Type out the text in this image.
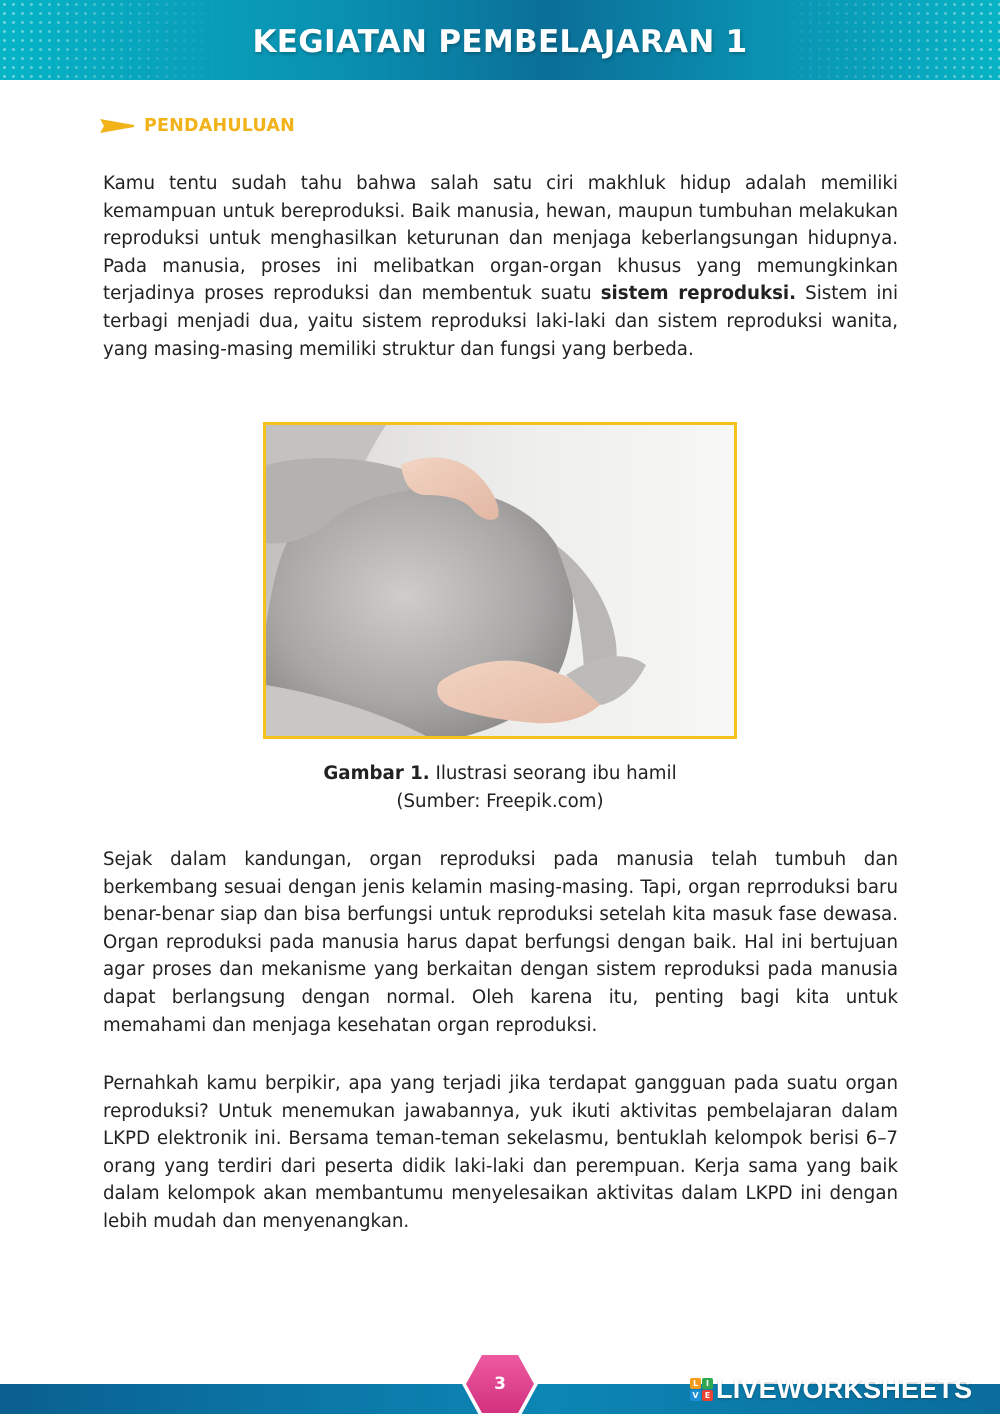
KEGIATAN PEMBELAJARAN 1
PENDAHULUAN

Kamu tentu sudah tahu bahwa salah satu ciri makhluk hidup adalah memiliki kemampuan untuk bereproduksi. Baik manusia, hewan, maupun tumbuhan melakukan reproduksi untuk menghasilkan keturunan dan menjaga keberlangsungan hidupnya. Pada manusia, proses ini melibatkan organ-organ khusus yang memungkinkan terjadinya proses reproduksi dan membentuk suatu sistem reproduksi. Sistem ini terbagi menjadi dua, yaitu sistem reproduksi laki-laki dan sistem reproduksi wanita, yang masing-masing memiliki struktur dan fungsi yang berbeda.

Gambar 1. Ilustrasi seorang ibu hamil
(Sumber: Freepik.com)

Sejak dalam kandungan, organ reproduksi pada manusia telah tumbuh dan berkembang sesuai dengan jenis kelamin masing-masing. Tapi, organ reprroduksi baru benar-benar siap dan bisa berfungsi untuk reproduksi setelah kita masuk fase dewasa. Organ reproduksi pada manusia harus dapat berfungsi dengan baik. Hal ini bertujuan agar proses dan mekanisme yang berkaitan dengan sistem reproduksi pada manusia dapat berlangsung dengan normal. Oleh karena itu, penting bagi kita untuk memahami dan menjaga kesehatan organ reproduksi.

Pernahkah kamu berpikir, apa yang terjadi jika terdapat gangguan pada suatu organ reproduksi? Untuk menemukan jawabannya, yuk ikuti aktivitas pembelajaran dalam LKPD elektronik ini. Bersama teman-teman sekelasmu, bentuklah kelompok berisi 6–7 orang yang terdiri dari peserta didik laki-laki dan perempuan. Kerja sama yang baik dalam kelompok akan membantumu menyelesaikan aktivitas dalam LKPD ini dengan lebih mudah dan menyenangkan.

3	L I
V E LIVEWORKSHEETS
